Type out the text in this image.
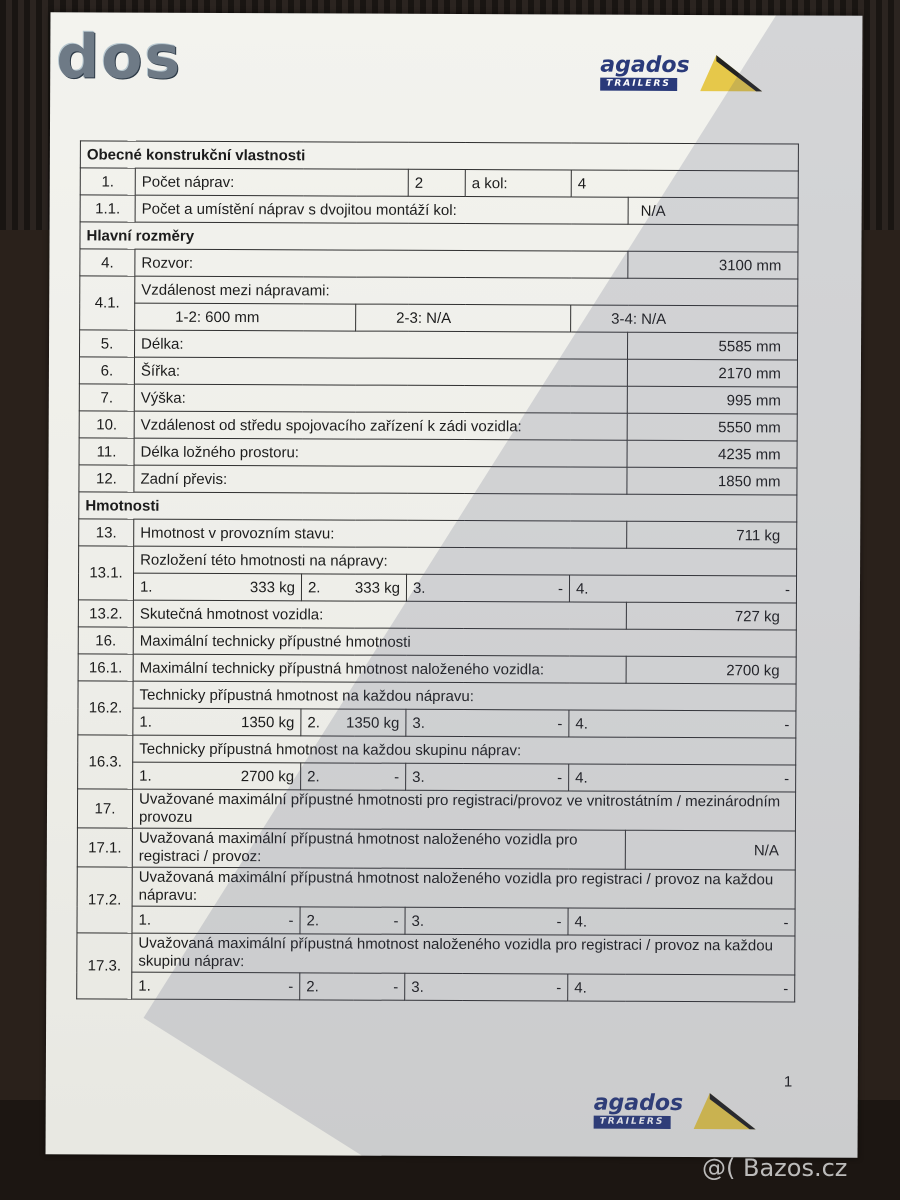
dos	agados
TRAILERS
Obecné konstrukční vlastnosti							
1.	Počet náprav:			2	a kol:	4	
1.1.	Počet a umístění náprav s dvojitou montáží kol:						N/A
Hlavní rozměry							
4.	Rozvor:						3100 mm
4.1.	Vzdálenost mezi nápravami:						
	1-2: 600 mm		2-3: N/A			3-4: N/A	
5.	Délka:						5585 mm
6.	Šířka:						2170 mm
7.	Výška:						995 mm
10.	Vzdálenost od středu spojovacího zařízení k zádi vozidla:						5550 mm
11.	Délka ložného prostoru:						4235 mm
12.	Zadní převis:						1850 mm
Hmotnosti							
13.	Hmotnost v provozním stavu:						711 kg
13.1.	Rozložení této hmotnosti na nápravy:						

	1. 333 kg	2. 333 kg		3. -		4. -	

13.2.	Skutečná hmotnost vozidla:						727 kg
16.	Maximální technicky přípustné hmotnosti						
16.1.	Maximální technicky přípustná hmotnost naloženého vozidla:						2700 kg
16.2.	Technicky přípustná hmotnost na každou nápravu:						

	1. 1350 kg	2. 1350 kg		3. -		4. -	

16.3.	Technicky přípustná hmotnost na každou skupinu náprav:						

	1. 2700 kg	2. -		3. -		4. -	

17.	Uvažované maximální přípustné hmotnosti pro registraci/provoz ve vnitrostátním / mezinárodním provozu						
17.1.	Uvažovaná maximální přípustná hmotnost naloženého vozidla pro registraci / provoz:						N/A
17.2.	Uvažovaná maximální přípustná hmotnost naloženého vozidla pro registraci / provoz na každou nápravu:						

	1. -	2. -		3. -		4. -	

17.3.	Uvažovaná maximální přípustná hmotnost naloženého vozidla pro registraci / provoz na každou skupinu náprav:						

	1. -	2. -		3. -		4. -	
1
agados
TRAILERS
@( Bazos.cz
